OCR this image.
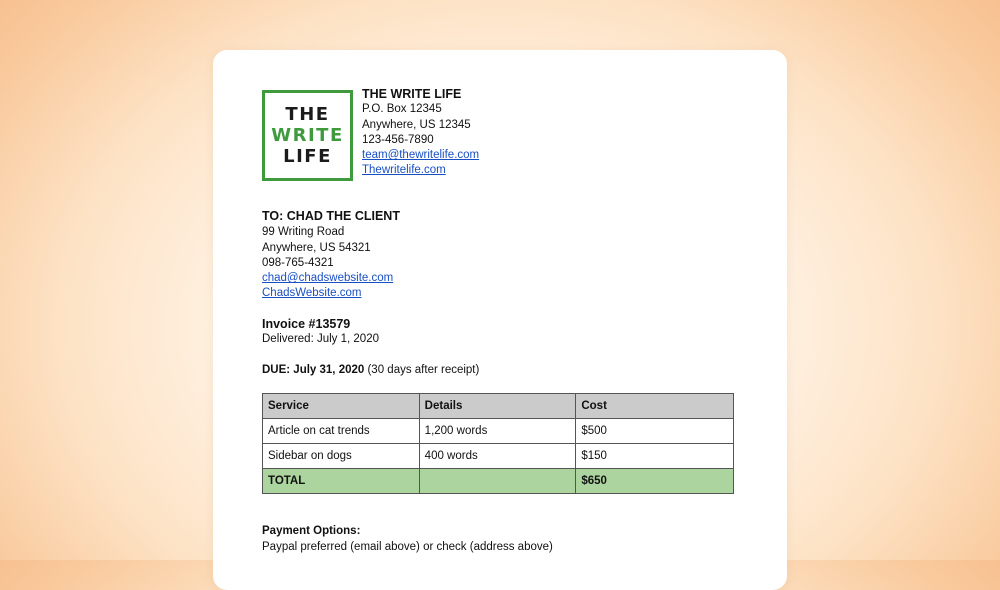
THE
WRITE
LIFE
THE WRITE LIFE
P.O. Box 12345
Anywhere, US 12345
123-456-7890
team@thewritelife.com
Thewritelife.com
TO: CHAD THE CLIENT
99 Writing Road
Anywhere, US 54321
098-765-4321
chad@chadswebsite.com
ChadsWebsite.com
Invoice #13579
Delivered: July 1, 2020
DUE: July 31, 2020 (30 days after receipt)
Service	Details	Cost
Article on cat trends	1,200 words	$500
Sidebar on dogs	400 words	$150
TOTAL		$650
Payment Options:
Paypal preferred (email above) or check (address above)
